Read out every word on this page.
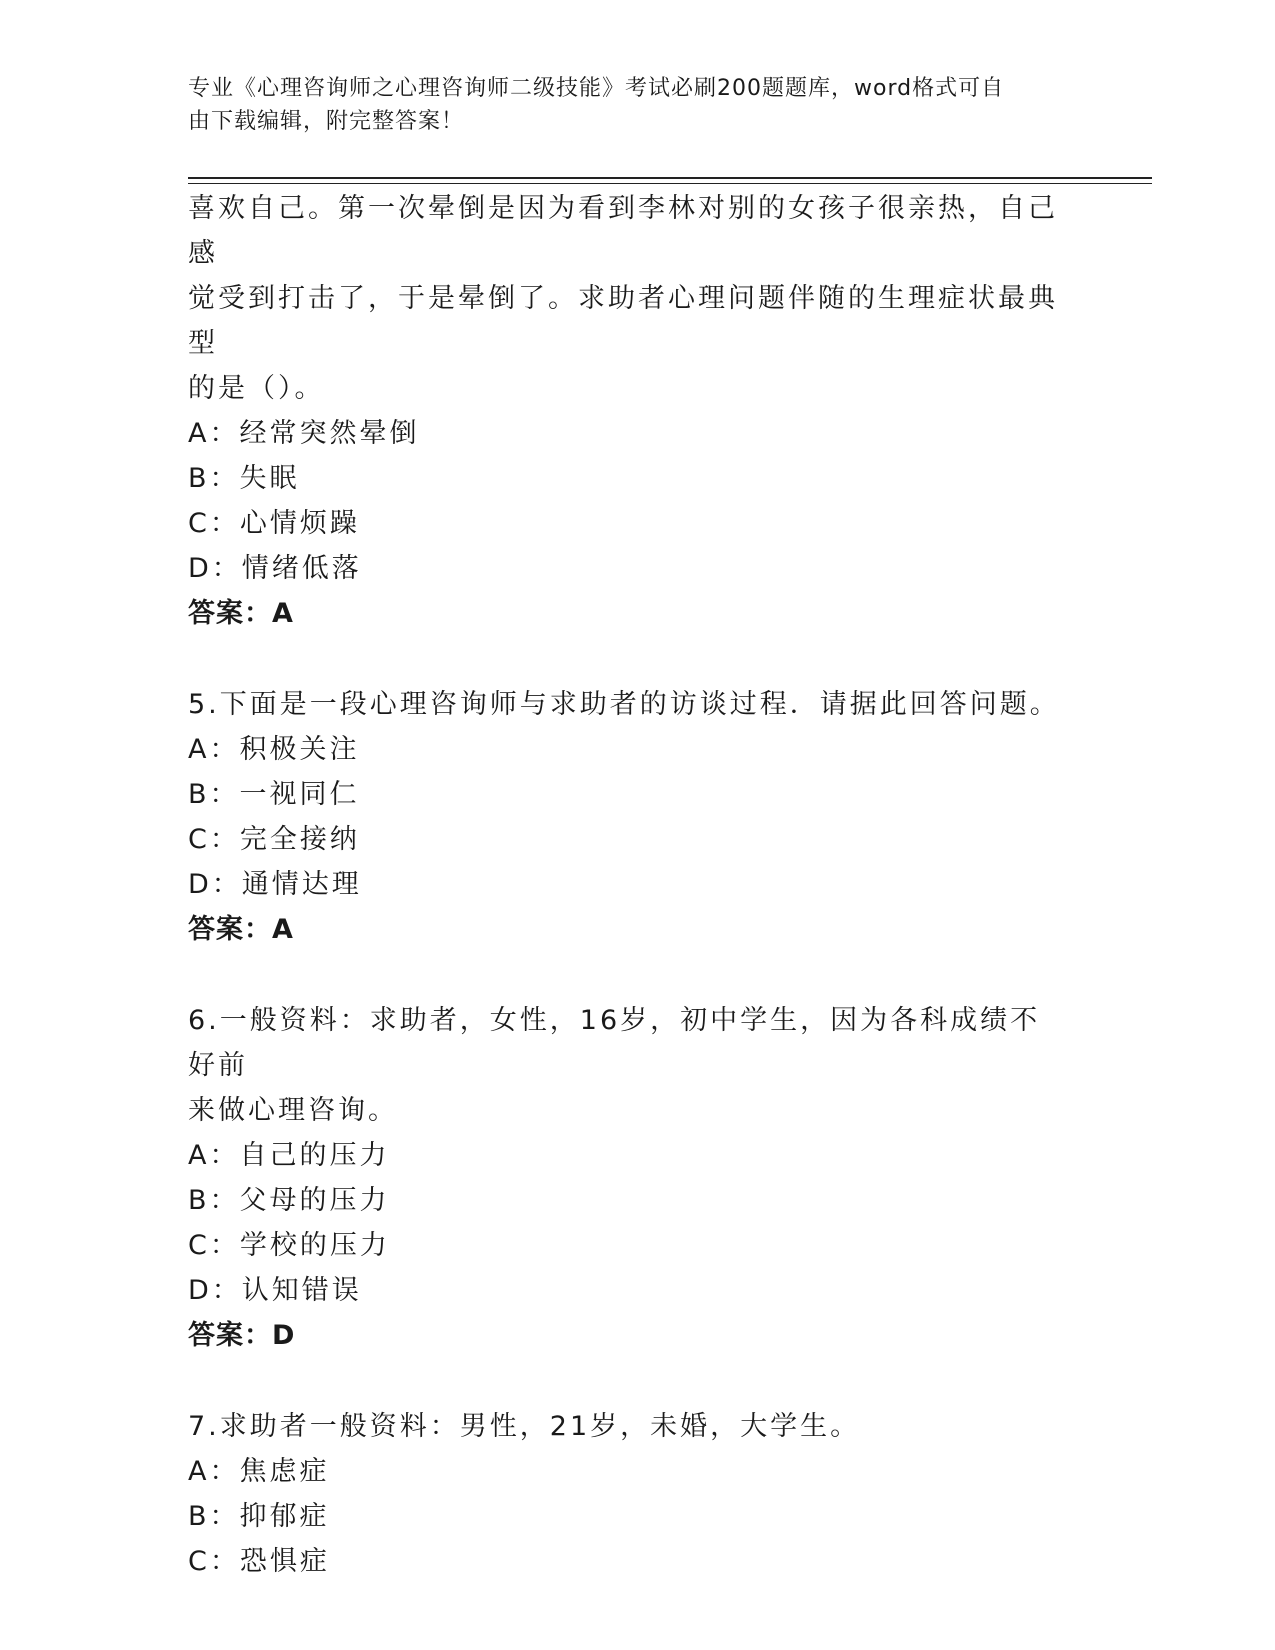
专业《心理咨询师之心理咨询师二级技能》考试必刷200题题库，word格式可自
由下载编辑，附完整答案！

喜欢自己。第一次晕倒是因为看到李林对别的女孩子很亲热，自己感

觉受到打击了，于是晕倒了。求助者心理问题伴随的生理症状最典型

的是（）。

A：经常突然晕倒

B：失眠

C：心情烦躁

D：情绪低落

答案：A

5.下面是一段心理咨询师与求助者的访谈过程．请据此回答问题。

A：积极关注

B：一视同仁

C：完全接纳

D：通情达理

答案：A

6.一般资料：求助者，女性，16岁，初中学生，因为各科成绩不好前

来做心理咨询。

A：自己的压力

B：父母的压力

C：学校的压力

D：认知错误

答案：D

7.求助者一般资料：男性，21岁，未婚，大学生。

A：焦虑症

B：抑郁症

C：恐惧症
